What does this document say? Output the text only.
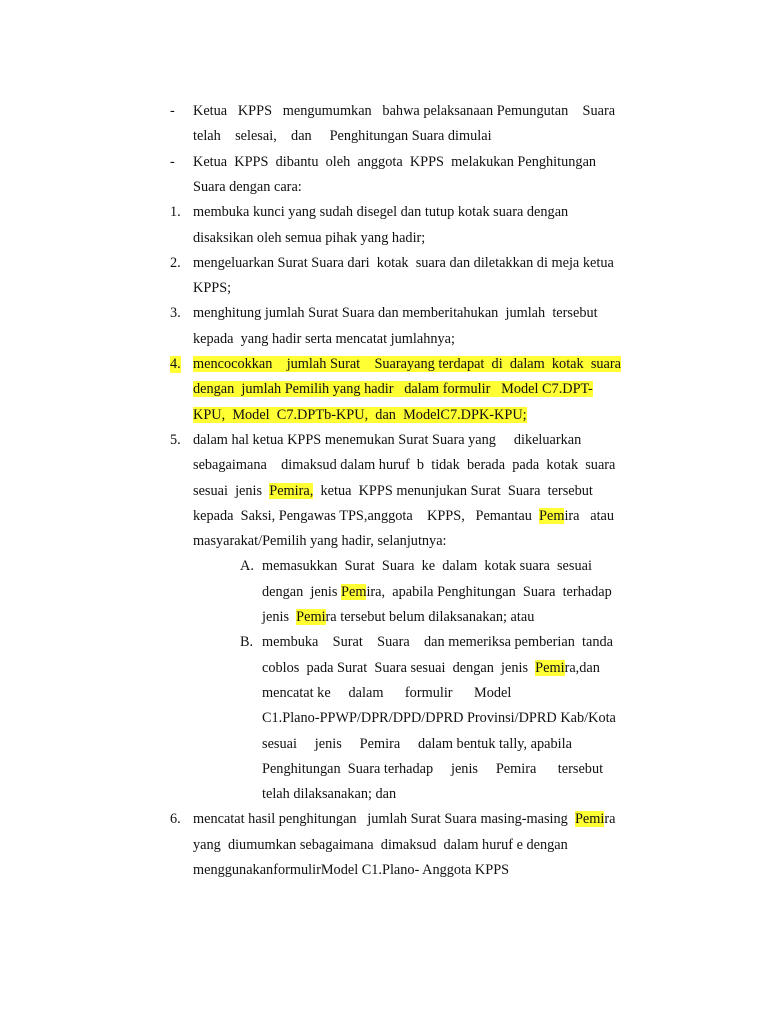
- Ketua   KPPS   mengumumkan   bahwa pelaksanaan Pemungutan    Suara
telah    selesai,    dan     Penghitungan Suara dimulai
- Ketua  KPPS  dibantu  oleh  anggota  KPPS  melakukan Penghitungan
Suara dengan cara:
1. membuka kunci yang sudah disegel dan tutup kotak suara dengan
disaksikan oleh semua pihak yang hadir;
2. mengeluarkan Surat Suara dari  kotak  suara dan diletakkan di meja ketua
KPPS;
3. menghitung jumlah Surat Suara dan memberitahukan  jumlah  tersebut
kepada  yang hadir serta mencatat jumlahnya;
4. mencocokkan    jumlah Surat    Suarayang terdapat  di  dalam  kotak  suara
dengan  jumlah Pemilih yang hadir   dalam formulir   Model C7.DPT-
KPU,  Model  C7.DPTb-KPU,  dan  ModelC7.DPK-KPU;
5. dalam hal ketua KPPS menemukan Surat Suara yang     dikeluarkan
sebagaimana    dimaksud dalam huruf  b  tidak  berada  pada  kotak  suara
sesuai  jenis  Pemira,  ketua  KPPS menunjukan Surat  Suara  tersebut
kepada  Saksi, Pengawas TPS,anggota    KPPS,   Pemantau  Pemira   atau
masyarakat/Pemilih yang hadir, selanjutnya:
A. memasukkan  Surat  Suara  ke  dalam  kotak suara  sesuai
dengan  jenis Pemira,  apabila Penghitungan  Suara  terhadap
jenis  Pemira tersebut belum dilaksanakan; atau
B. membuka    Surat    Suara    dan memeriksa pemberian  tanda
coblos  pada Surat  Suara sesuai  dengan  jenis  Pemira,dan
mencatat ke     dalam      formulir      Model
C1.Plano-PPWP/DPR/DPD/DPRD Provinsi/DPRD Kab/Kota
sesuai     jenis     Pemira     dalam bentuk tally, apabila
Penghitungan  Suara terhadap     jenis     Pemira      tersebut
telah dilaksanakan; dan
6. mencatat hasil penghitungan   jumlah Surat Suara masing-masing  Pemira
yang  diumumkan sebagaimana  dimaksud  dalam huruf e dengan
menggunakanformulirModel C1.Plano- Anggota KPPS
